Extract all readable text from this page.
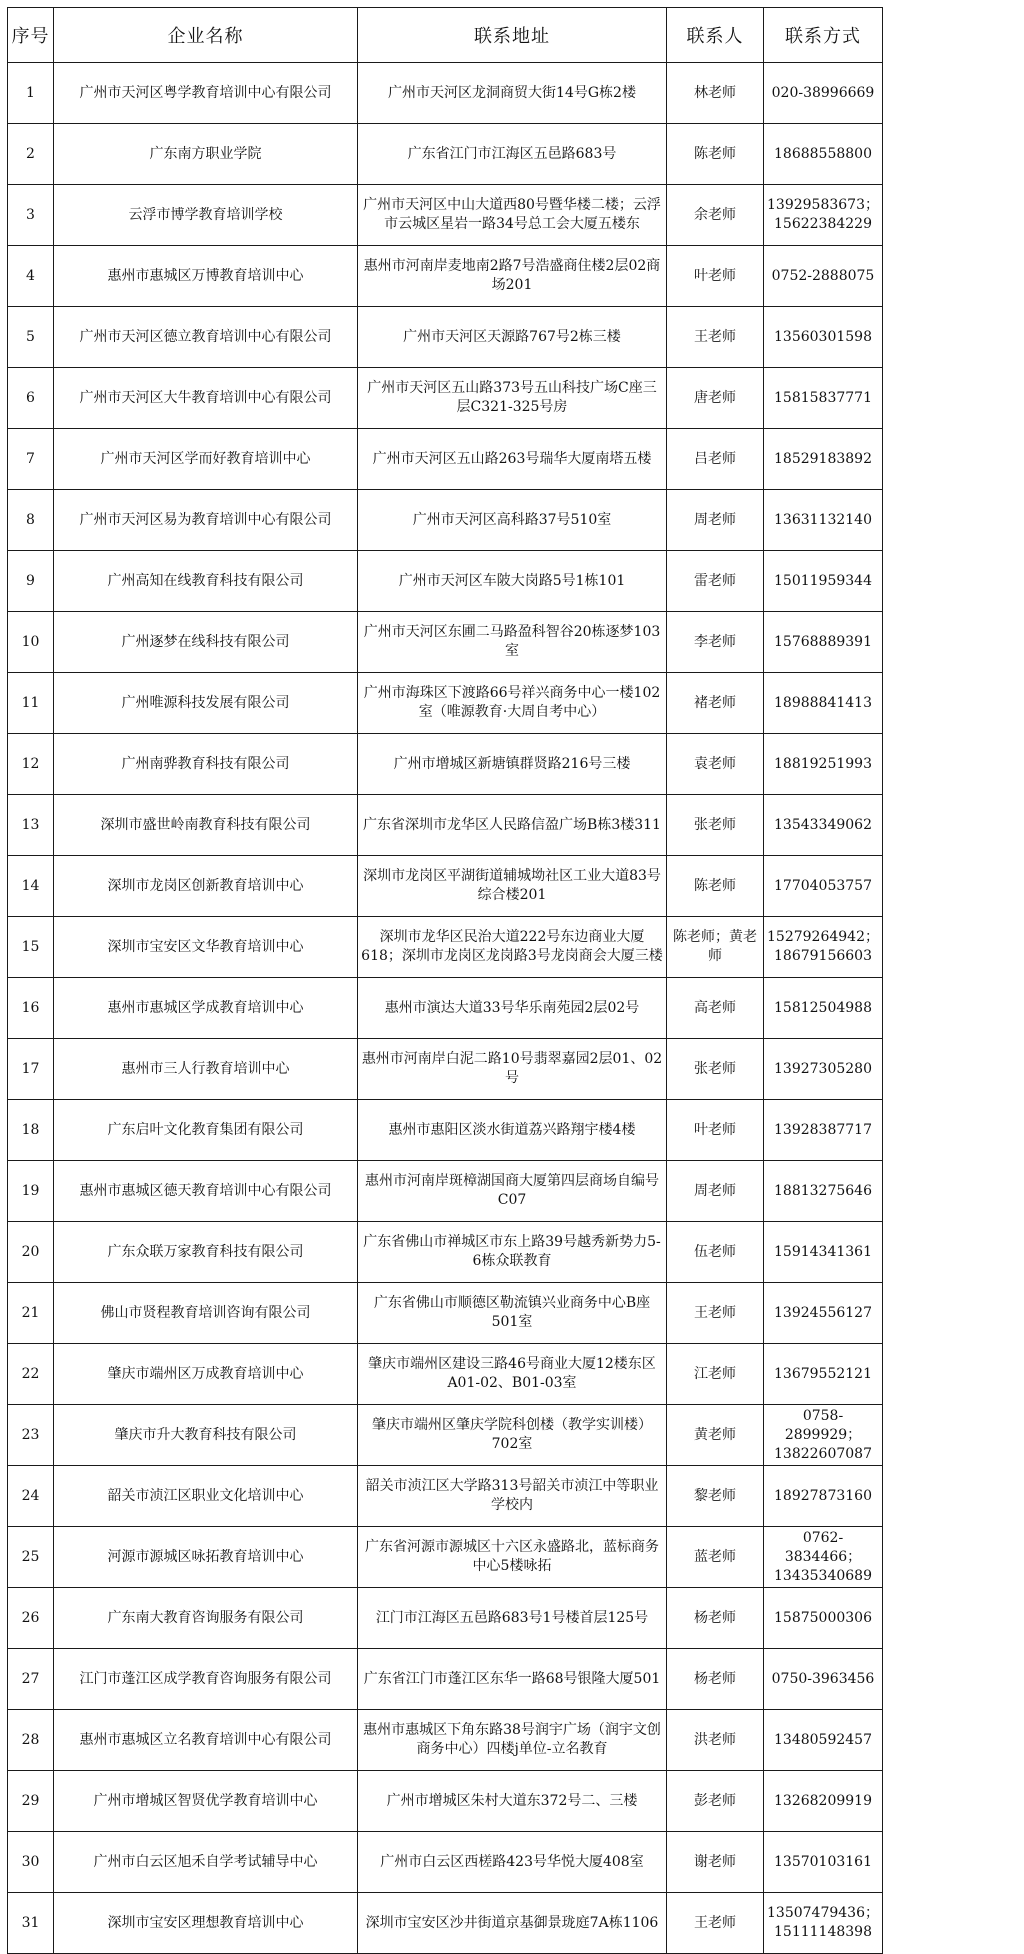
序号	企业名称	联系地址	联系人	联系方式
1	广州市天河区粤学教育培训中心有限公司	广州市天河区龙洞商贸大街14号G栋2楼	林老师	020-38996669
2	广东南方职业学院	广东省江门市江海区五邑路683号	陈老师	18688558800
3	云浮市博学教育培训学校	广州市天河区中山大道西80号暨华楼二楼；云浮市云城区星岩一路34号总工会大厦五楼东	余老师	13929583673；15622384229
4	惠州市惠城区万博教育培训中心	惠州市河南岸麦地南2路7号浩盛商住楼2层02商场201	叶老师	0752-2888075
5	广州市天河区德立教育培训中心有限公司	广州市天河区天源路767号2栋三楼	王老师	13560301598
6	广州市天河区大牛教育培训中心有限公司	广州市天河区五山路373号五山科技广场C座三层C321-325号房	唐老师	15815837771
7	广州市天河区学而好教育培训中心	广州市天河区五山路263号瑞华大厦南塔五楼	吕老师	18529183892
8	广州市天河区易为教育培训中心有限公司	广州市天河区高科路37号510室	周老师	13631132140
9	广州高知在线教育科技有限公司	广州市天河区车陂大岗路5号1栋101	雷老师	15011959344
10	广州逐梦在线科技有限公司	广州市天河区东圃二马路盈科智谷20栋逐梦103室	李老师	15768889391
11	广州唯源科技发展有限公司	广州市海珠区下渡路66号祥兴商务中心一楼102室（唯源教育·大周自考中心）	褚老师	18988841413
12	广州南骅教育科技有限公司	广州市增城区新塘镇群贤路216号三楼	袁老师	18819251993
13	深圳市盛世岭南教育科技有限公司	广东省深圳市龙华区人民路信盈广场B栋3楼311	张老师	13543349062
14	深圳市龙岗区创新教育培训中心	深圳市龙岗区平湖街道辅城坳社区工业大道83号综合楼201	陈老师	17704053757
15	深圳市宝安区文华教育培训中心	深圳市龙华区民治大道222号东边商业大厦618；深圳市龙岗区龙岗路3号龙岗商会大厦三楼	陈老师；黄老师	15279264942；18679156603
16	惠州市惠城区学成教育培训中心	惠州市演达大道33号华乐南苑园2层02号	高老师	15812504988
17	惠州市三人行教育培训中心	惠州市河南岸白泥二路10号翡翠嘉园2层01、02号	张老师	13927305280
18	广东启叶文化教育集团有限公司	惠州市惠阳区淡水街道荔兴路翔宇楼4楼	叶老师	13928387717
19	惠州市惠城区德天教育培训中心有限公司	惠州市河南岸斑樟湖国商大厦第四层商场自编号C07	周老师	18813275646
20	广东众联万家教育科技有限公司	广东省佛山市禅城区市东上路39号越秀新势力5-6栋众联教育	伍老师	15914341361
21	佛山市贤程教育培训咨询有限公司	广东省佛山市顺德区勒流镇兴业商务中心B座501室	王老师	13924556127
22	肇庆市端州区万成教育培训中心	肇庆市端州区建设三路46号商业大厦12楼东区A01-02、B01-03室	江老师	13679552121
23	肇庆市升大教育科技有限公司	肇庆市端州区肇庆学院科创楼（教学实训楼）702室	黄老师	0758-2899929；13822607087
24	韶关市浈江区职业文化培训中心	韶关市浈江区大学路313号韶关市浈江中等职业学校内	黎老师	18927873160
25	河源市源城区咏拓教育培训中心	广东省河源市源城区十六区永盛路北，蓝标商务中心5楼咏拓	蓝老师	0762-3834466；13435340689
26	广东南大教育咨询服务有限公司	江门市江海区五邑路683号1号楼首层125号	杨老师	15875000306
27	江门市蓬江区成学教育咨询服务有限公司	广东省江门市蓬江区东华一路68号银隆大厦501	杨老师	0750-3963456
28	惠州市惠城区立名教育培训中心有限公司	惠州市惠城区下角东路38号润宇广场（润宇文创商务中心）四楼j单位-立名教育	洪老师	13480592457
29	广州市增城区智贤优学教育培训中心	广州市增城区朱村大道东372号二、三楼	彭老师	13268209919
30	广州市白云区旭禾自学考试辅导中心	广州市白云区西槎路423号华悦大厦408室	谢老师	13570103161
31	深圳市宝安区理想教育培训中心	深圳市宝安区沙井街道京基御景珑庭7A栋1106	王老师	13507479436；15111148398
